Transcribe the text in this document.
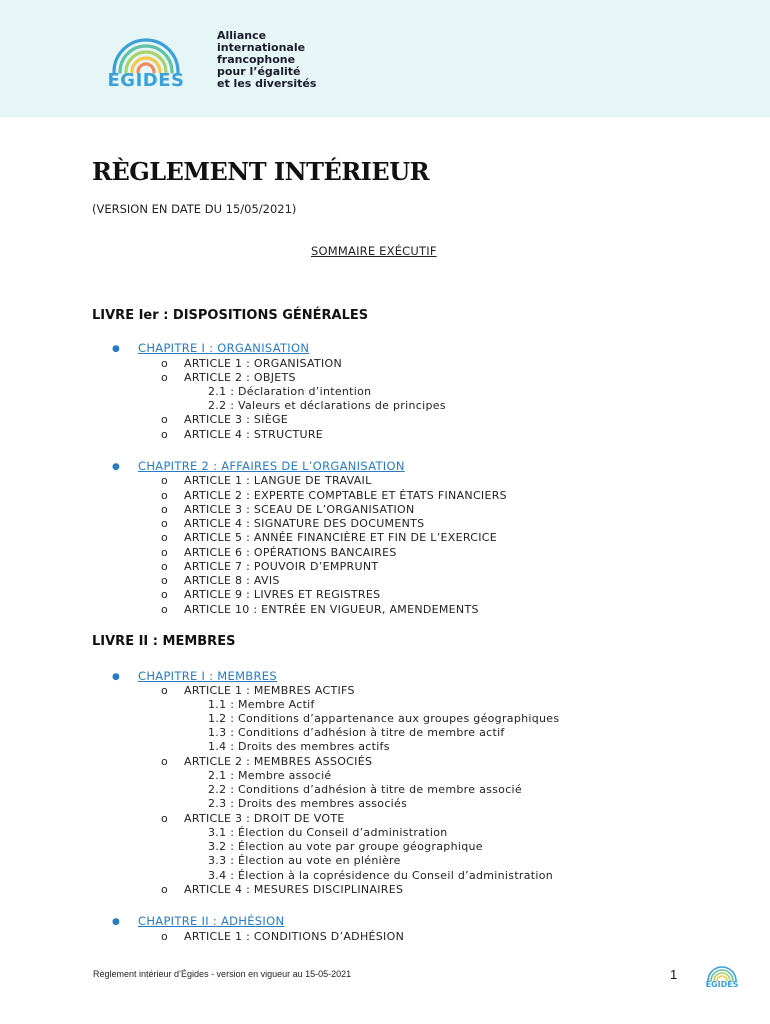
EGIDES
Alliance
internationale
francophone
pour l’égalité
et les diversités
RÈGLEMENT INTÉRIEUR
(VERSION EN DATE DU 15/05/2021)
SOMMAIRE EXÉCUTIF
LIVRE Ier : DISPOSITIONS GÉNÉRALES
● CHAPITRE I : ORGANISATION
o ARTICLE 1 : ORGANISATION
o ARTICLE 2 : OBJETS
2.1 : Déclaration d’intention
2.2 : Valeurs et déclarations de principes
o ARTICLE 3 : SIÈGE
o ARTICLE 4 : STRUCTURE
● CHAPITRE 2 : AFFAIRES DE L’ORGANISATION
o ARTICLE 1 : LANGUE DE TRAVAIL
o ARTICLE 2 : EXPERTE COMPTABLE ET ÉTATS FINANCIERS
o ARTICLE 3 : SCEAU DE L’ORGANISATION
o ARTICLE 4 : SIGNATURE DES DOCUMENTS
o ARTICLE 5 : ANNÉE FINANCIÈRE ET FIN DE L’EXERCICE
o ARTICLE 6 : OPÉRATIONS BANCAIRES
o ARTICLE 7 : POUVOIR D’EMPRUNT
o ARTICLE 8 : AVIS
o ARTICLE 9 : LIVRES ET REGISTRES
o ARTICLE 10 : ENTRÉE EN VIGUEUR, AMENDEMENTS
LIVRE II : MEMBRES
● CHAPITRE I : MEMBRES
o ARTICLE 1 : MEMBRES ACTIFS
1.1 : Membre Actif
1.2 : Conditions d’appartenance aux groupes géographiques
1.3 : Conditions d’adhésion à titre de membre actif
1.4 : Droits des membres actifs
o ARTICLE 2 : MEMBRES ASSOCIÉS
2.1 : Membre associé
2.2 : Conditions d’adhésion à titre de membre associé
2.3 : Droits des membres associés
o ARTICLE 3 : DROIT DE VOTE
3.1 : Élection du Conseil d’administration
3.2 : Élection au vote par groupe géographique
3.3 : Élection au vote en plénière
3.4 : Élection à la coprésidence du Conseil d’administration
o ARTICLE 4 : MESURES DISCIPLINAIRES
● CHAPITRE II : ADHÉSION
o ARTICLE 1 : CONDITIONS D’ADHÉSION
Règlement intérieur d’Égides - version en vigueur au 15-05-2021	1
EGIDES
